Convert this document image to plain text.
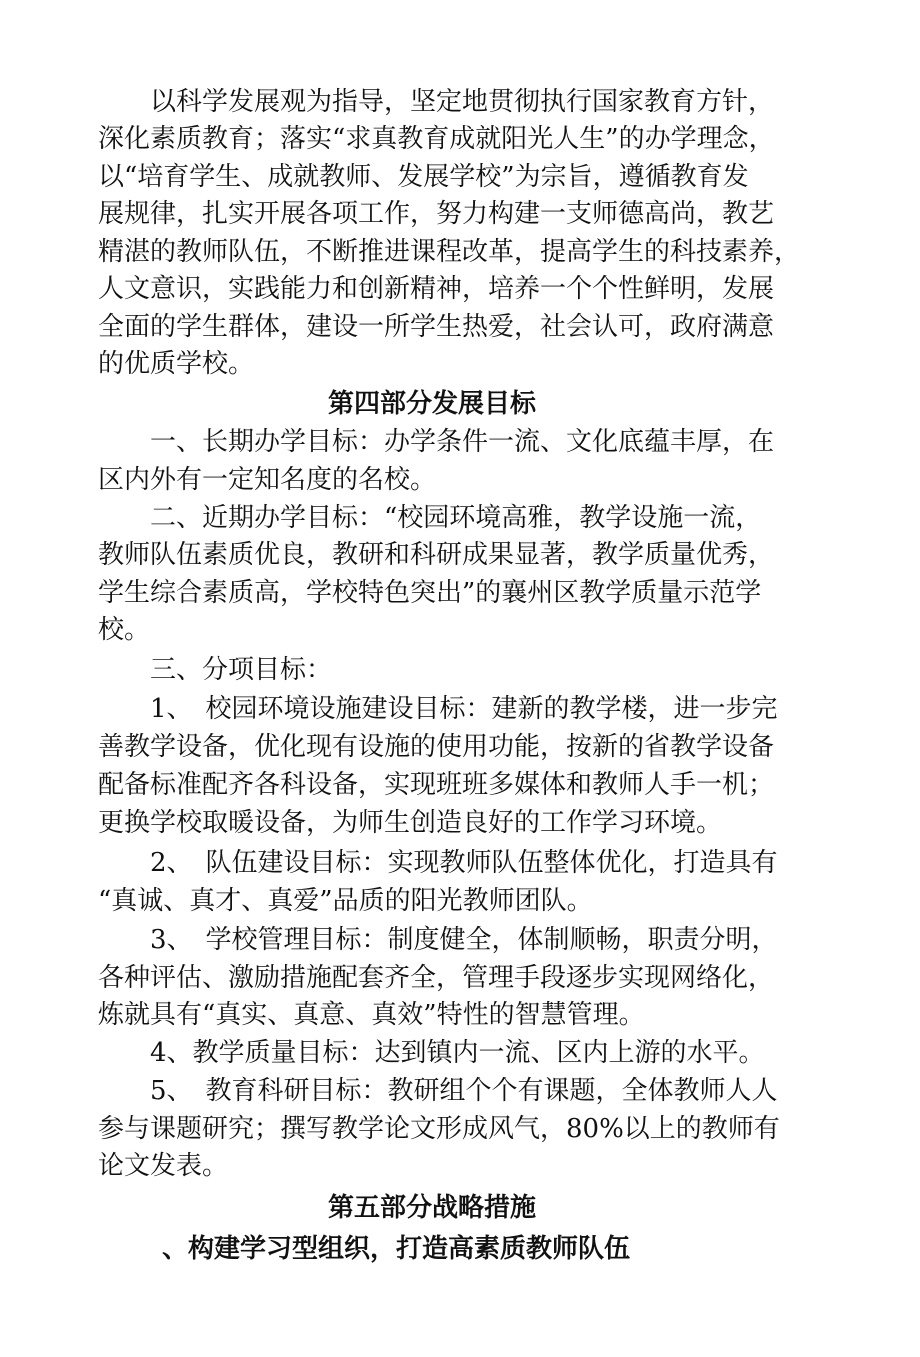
以科学发展观为指导，坚定地贯彻执行国家教育方针，
深化素质教育；落实“求真教育成就阳光人生”的办学理念，
以“培育学生、成就教师、发展学校”为宗旨，遵循教育发
展规律，扎实开展各项工作，努力构建一支师德高尚，教艺
精湛的教师队伍，不断推进课程改革，提高学生的科技素养，
人文意识，实践能力和创新精神，培养一个个性鲜明，发展
全面的学生群体，建设一所学生热爱，社会认可，政府满意
的优质学校。
第四部分发展目标
一、长期办学目标：办学条件一流、文化底蕴丰厚，在
区内外有一定知名度的名校。
二、近期办学目标：“校园环境高雅，教学设施一流，
教师队伍素质优良，教研和科研成果显著，教学质量优秀，
学生综合素质高，学校特色突出”的襄州区教学质量示范学
校。
三、分项目标：
1、　校园环境设施建设目标：建新的教学楼，进一步完
善教学设备，优化现有设施的使用功能，按新的省教学设备
配备标准配齐各科设备，实现班班多媒体和教师人手一机；
更换学校取暖设备，为师生创造良好的工作学习环境。
2、　队伍建设目标：实现教师队伍整体优化，打造具有
“真诚、真才、真爱”品质的阳光教师团队。
3、　学校管理目标：制度健全，体制顺畅，职责分明，
各种评估、激励措施配套齐全，管理手段逐步实现网络化，
炼就具有“真实、真意、真效”特性的智慧管理。
4、教学质量目标：达到镇内一流、区内上游的水平。
5、　教育科研目标：教研组个个有课题，全体教师人人
参与课题研究；撰写教学论文形成风气，80%以上的教师有
论文发表。
第五部分战略措施
、构建学习型组织，打造高素质教师队伍
